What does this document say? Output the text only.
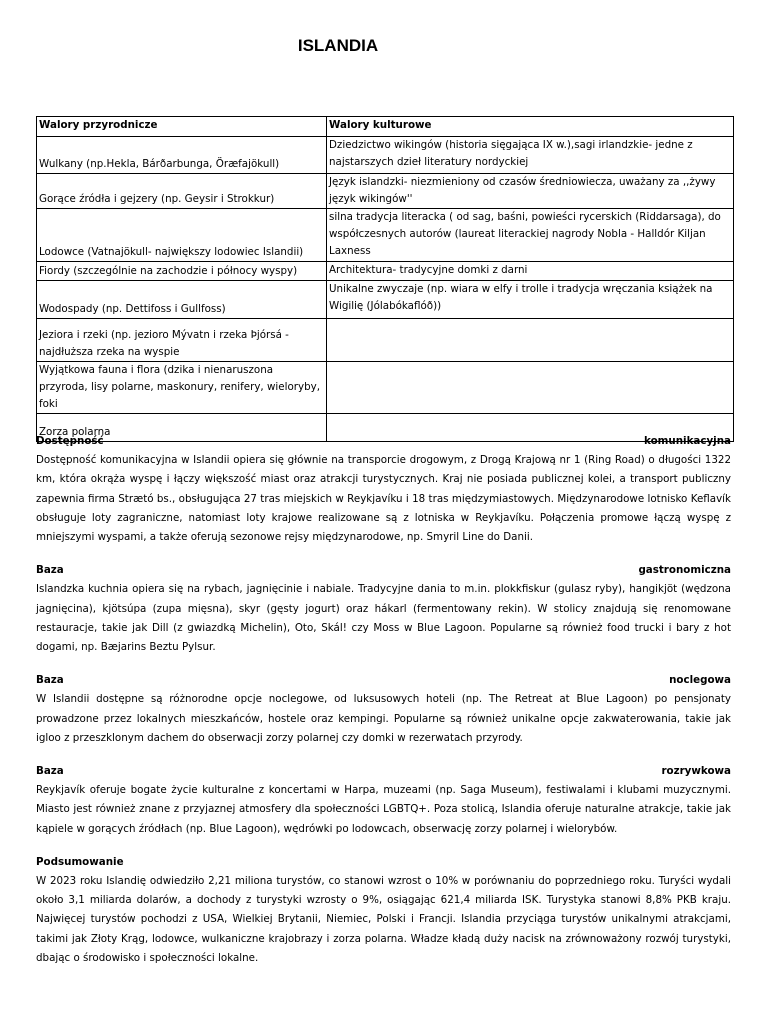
ISLANDIA
Walory przyrodnicze	Walory kulturowe
Wulkany (np.Hekla, Bárðarbunga, Öræfajökull)	Dziedzictwo wikingów (historia sięgająca IX w.),sagi irlandzkie- jedne z najstarszych dzieł literatury nordyckiej
Gorące źródła i gejzery (np. Geysir i Strokkur)	Język islandzki- niezmieniony od czasów średniowiecza, uważany za ,,żywy język wikingów''
Lodowce (Vatnajökull- największy lodowiec Islandii)	silna tradycja literacka ( od sag, baśni, powieści rycerskich (Riddarsaga), do współczesnych autorów (laureat literackiej nagrody Nobla - Halldór Kiljan Laxness
Fiordy (szczególnie na zachodzie i północy wyspy)	Architektura- tradycyjne domki z darni
Wodospady (np. Dettifoss i Gullfoss)	Unikalne zwyczaje (np. wiara w elfy i trolle i tradycja wręczania książek na Wigilię (Jólabókaflóð))
Jeziora i rzeki (np. jezioro Mývatn i rzeka Þjórsá - najdłuższa rzeka na wyspie	
Wyjątkowa fauna i flora (dzika i nienaruszona przyroda, lisy polarne, maskonury, renifery, wieloryby, foki	
Zorza polarna	
Dostępność	komunikacyjna

Dostępność komunikacyjna w Islandii opiera się głównie na transporcie drogowym, z Drogą Krajową nr 1 (Ring Road) o długości 1322 km, która okrąża wyspę i łączy większość miast oraz atrakcji turystycznych. Kraj nie posiada publicznej kolei, a transport publiczny zapewnia firma Strætó bs., obsługująca 27 tras miejskich w Reykjavíku i 18 tras międzymiastowych. Międzynarodowe lotnisko Keflavík obsługuje loty zagraniczne, natomiast loty krajowe realizowane są z lotniska w Reykjavíku. Połączenia promowe łączą wyspę z mniejszymi wyspami, a także oferują sezonowe rejsy międzynarodowe, np. Smyril Line do Danii.

Baza	gastronomiczna

Islandzka kuchnia opiera się na rybach, jagnięcinie i nabiale. Tradycyjne dania to m.in. plokkfiskur (gulasz ryby), hangikjöt (wędzona jagnięcina), kjötsúpa (zupa mięsna), skyr (gęsty jogurt) oraz hákarl (fermentowany rekin). W stolicy znajdują się renomowane restauracje, takie jak Dill (z gwiazdką Michelin), Oto, Skál! czy Moss w Blue Lagoon. Popularne są również food trucki i bary z hot dogami, np. Bæjarins Beztu Pylsur.

Baza	noclegowa

W Islandii dostępne są różnorodne opcje noclegowe, od luksusowych hoteli (np. The Retreat at Blue Lagoon) po pensjonaty prowadzone przez lokalnych mieszkańców, hostele oraz kempingi. Popularne są również unikalne opcje zakwaterowania, takie jak igloo z przeszklonym dachem do obserwacji zorzy polarnej czy domki w rezerwatach przyrody.

Baza	rozrywkowa

Reykjavík oferuje bogate życie kulturalne z koncertami w Harpa, muzeami (np. Saga Museum), festiwalami i klubami muzycznymi. Miasto jest również znane z przyjaznej atmosfery dla społeczności LGBTQ+. Poza stolicą, Islandia oferuje naturalne atrakcje, takie jak kąpiele w gorących źródłach (np. Blue Lagoon), wędrówki po lodowcach, obserwację zorzy polarnej i wielorybów.

Podsumowanie

W 2023 roku Islandię odwiedziło 2,21 miliona turystów, co stanowi wzrost o 10% w porównaniu do poprzedniego roku. Turyści wydali około 3,1 miliarda dolarów, a dochody z turystyki wzrosty o 9%, osiągając 621,4 miliarda ISK. Turystyka stanowi 8,8% PKB kraju. Najwięcej turystów pochodzi z USA, Wielkiej Brytanii, Niemiec, Polski i Francji. Islandia przyciąga turystów unikalnymi atrakcjami, takimi jak Złoty Krąg, lodowce, wulkaniczne krajobrazy i zorza polarna. Władze kładą duży nacisk na zrównoważony rozwój turystyki, dbając o środowisko i społeczności lokalne.
